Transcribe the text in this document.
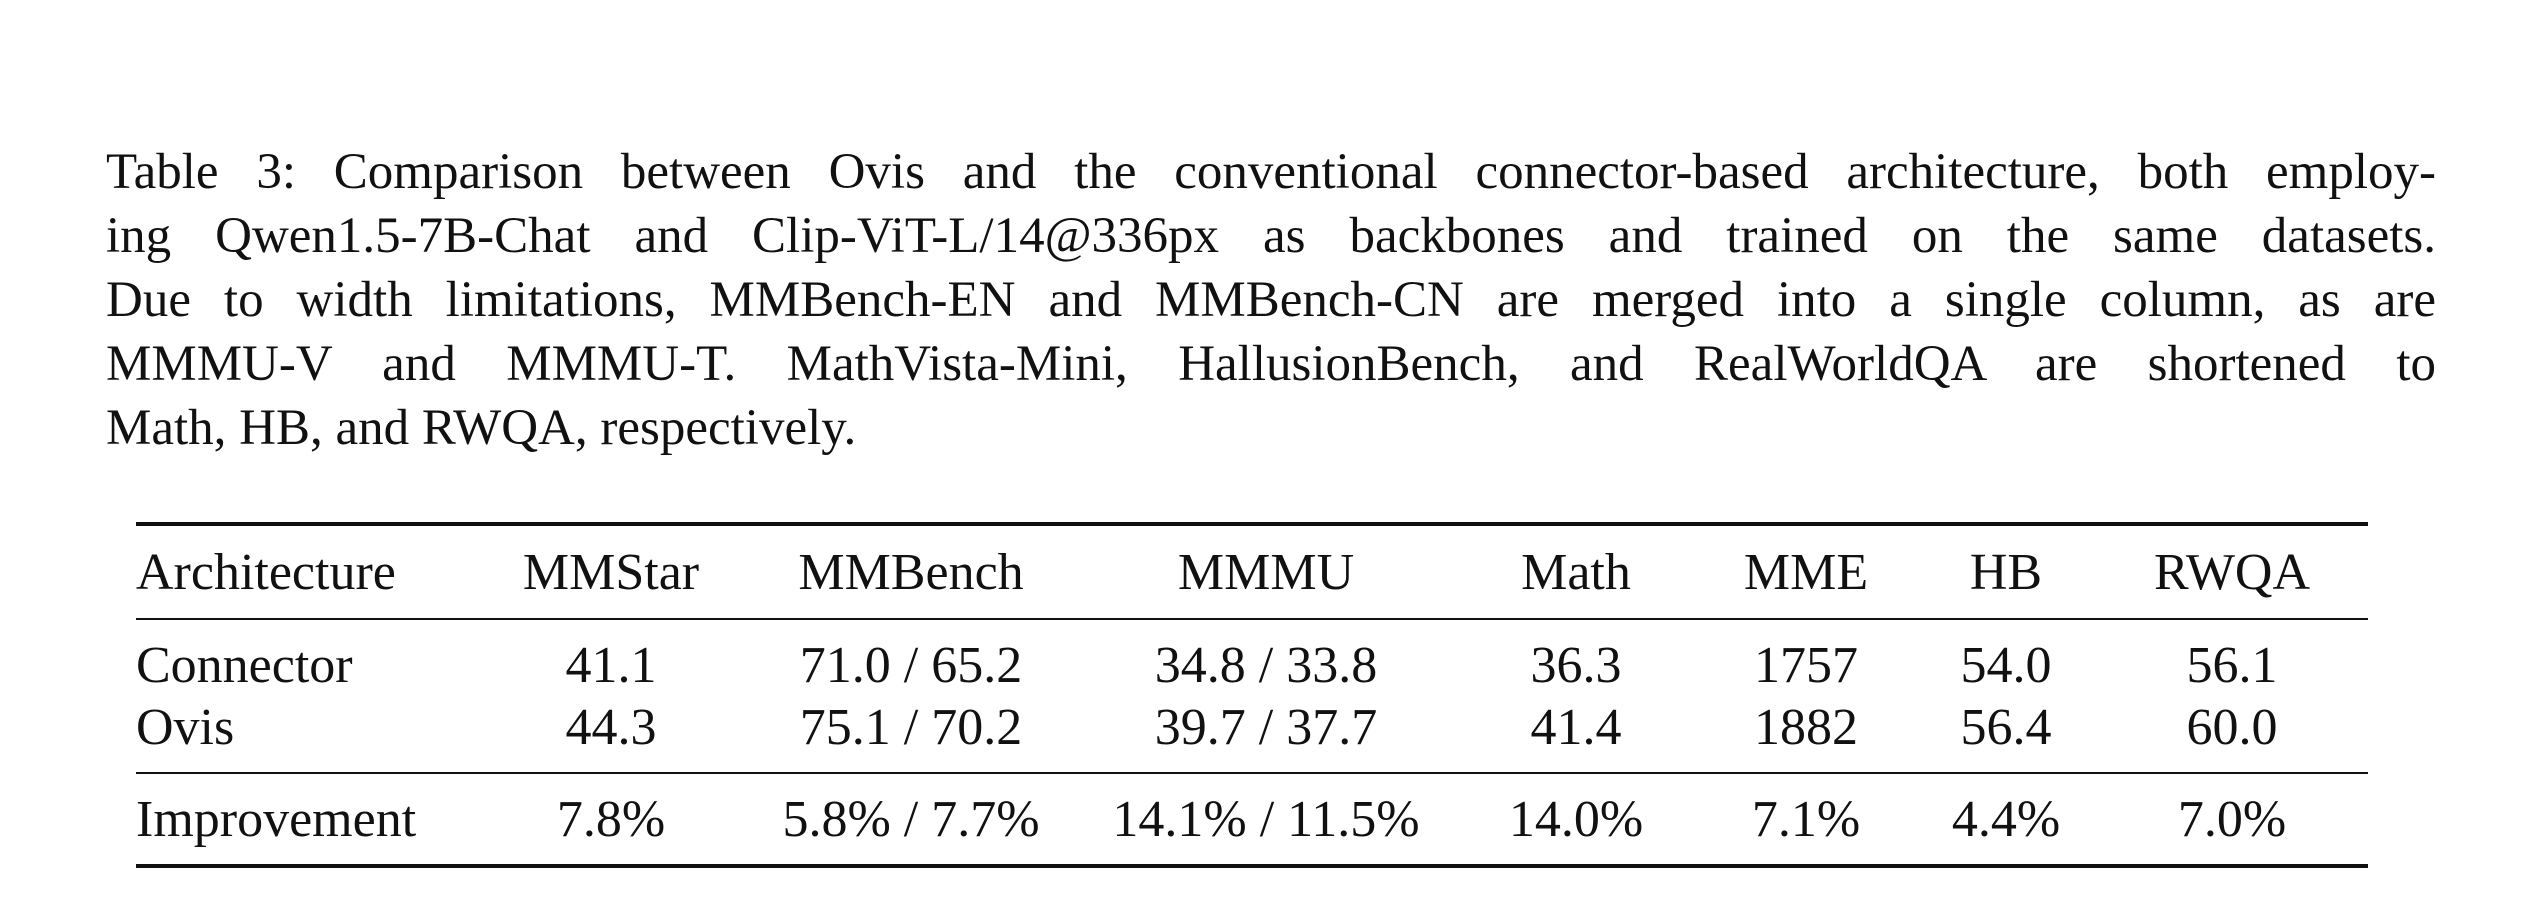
Table 3: Comparison between Ovis and the conventional connector-based architecture, both employ-
ing Qwen1.5-7B-Chat and Clip-ViT-L/14@336px as backbones and trained on the same datasets.
Due to width limitations, MMBench-EN and MMBench-CN are merged into a single column, as are
MMMU-V and MMMU-T. MathVista-Mini, HallusionBench, and RealWorldQA are shortened to
Math, HB, and RWQA, respectively.
Architecture	MMStar	MMBench	MMMU	Math	MME	HB	RWQA
Connector	41.1	71.0 / 65.2	34.8 / 33.8	36.3	1757	54.0	56.1
Ovis	44.3	75.1 / 70.2	39.7 / 37.7	41.4	1882	56.4	60.0
Improvement	7.8%	5.8% / 7.7%	14.1% / 11.5%	14.0%	7.1%	4.4%	7.0%
